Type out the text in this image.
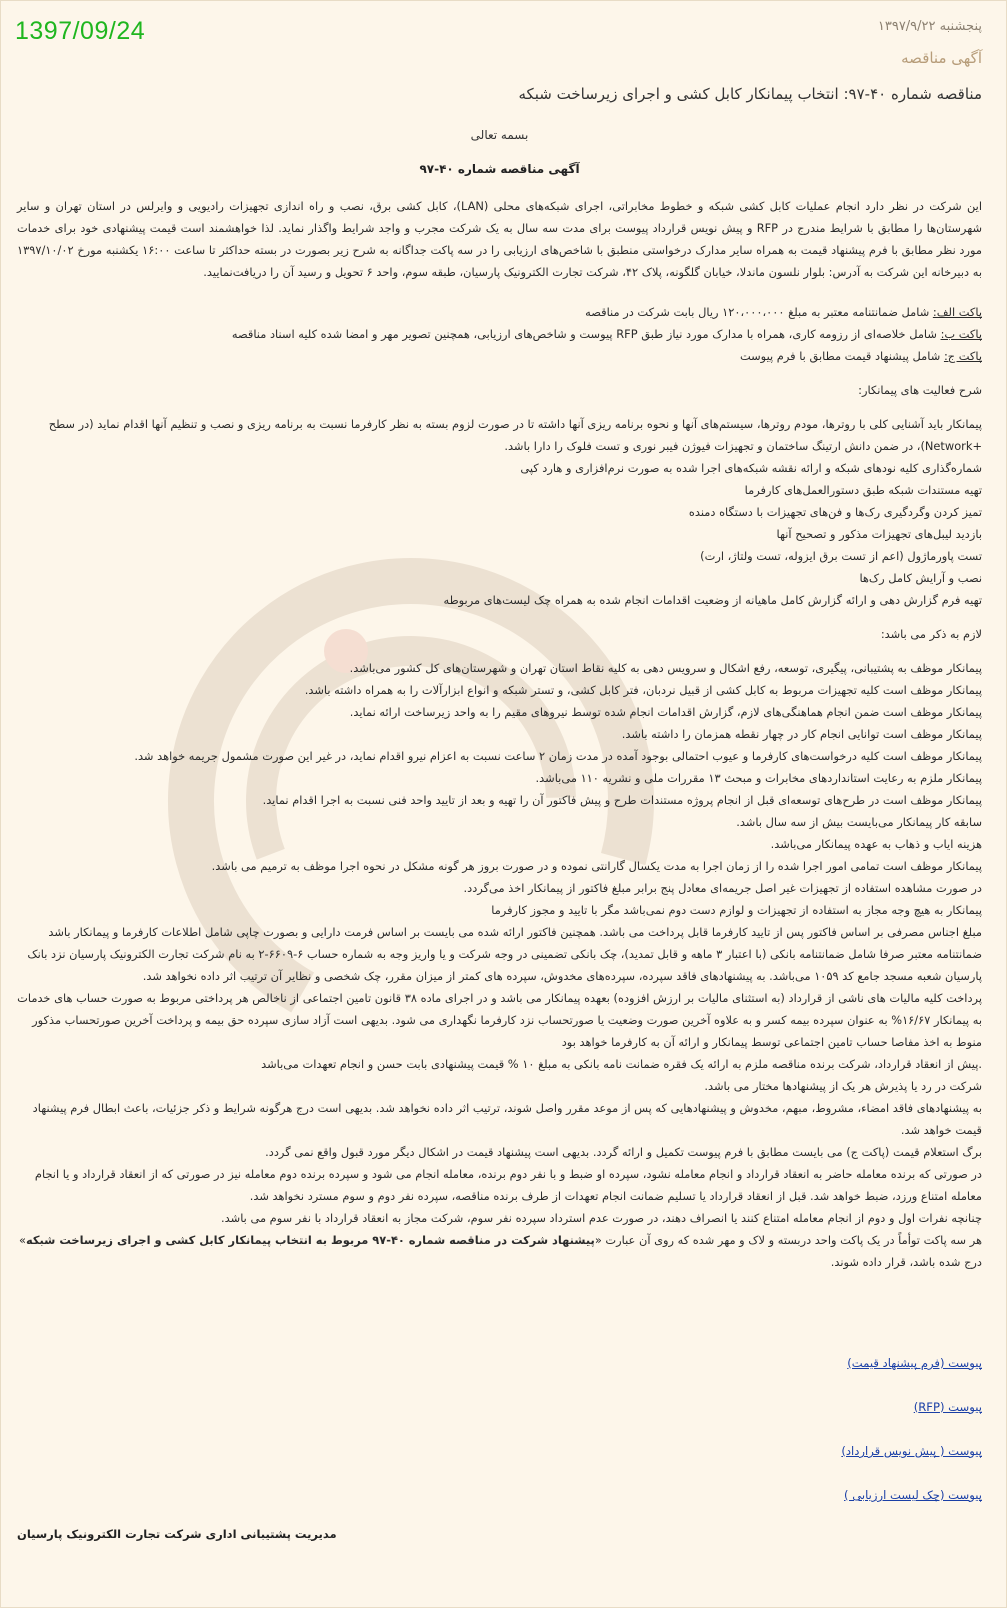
1397/09/24	پنجشنبه ۱۳۹۷/۹/۲۲
آگهی مناقصه
مناقصه شماره ۴۰-۹۷: انتخاب پیمانکار کابل کشی و اجرای زیرساخت شبکه
بسمه تعالی
آگهی مناقصه شماره ۴۰-۹۷

این شرکت در نظر دارد انجام عملیات کابل کشی شبکه و خطوط مخابراتی، اجرای شبکه‌های محلی (LAN)، کابل کشی برق، نصب و راه اندازی تجهیزات رادیویی و وایرلس در استان تهران و سایر شهرستان‌ها را مطابق با شرایط مندرج در RFP و پیش نویس قرارداد پیوست برای مدت سه سال به یک شرکت مجرب و واجد شرایط واگذار نماید. لذا خواهشمند است قیمت پیشنهادی خود برای خدمات مورد نظر مطابق با فرم پیشنهاد قیمت به همراه سایر مدارک درخواستی منطبق با شاخص‌های ارزیابی را در سه پاکت جداگانه به شرح زیر بصورت در بسته حداکثر تا ساعت ۱۶:۰۰ یکشنبه مورخ ۱۳۹۷/۱۰/۰۲ به دبیرخانه این شرکت به آدرس: بلوار نلسون ماندلا، خیابان گلگونه، پلاک ۴۲، شرکت تجارت الکترونیک پارسیان، طبقه سوم، واحد ۶ تحویل و رسید آن را دریافت‌نمایید.

پاکت الف: شامل ضمانتنامه معتبر به مبلغ ۱۲۰،۰۰۰،۰۰۰ ریال بابت شرکت در مناقصه

پاکت ب: شامل خلاصه‌ای از رزومه کاری، همراه با مدارک مورد نیاز طبق RFP پیوست و شاخص‌های ارزیابی، همچنین تصویر مهر و امضا شده کلیه اسناد مناقصه

پاکت ج: شامل پیشنهاد قیمت مطابق با فرم پیوست

شرح فعالیت های پیمانکار:

پیمانکار باید آشنایی کلی با روترها، مودم روترها، سیستم‌های آنها و نحوه برنامه ریزی آنها داشته تا در صورت لزوم بسته به نظر کارفرما نسبت به برنامه ریزی و نصب و تنظیم آنها اقدام نماید (در سطح +Network)، در ضمن دانش ارتینگ ساختمان و تجهیزات فیوژن فیبر نوری و تست فلوک را دارا باشد.

شماره‌گذاری کلیه نودهای شبکه و ارائه نقشه شبکه‌های اجرا شده به صورت نرم‌افزاری و هارد کپی

تهیه مستندات شبکه طبق دستورالعمل‌های کارفرما

تمیز کردن وگردگیری رک‌ها و فن‌های تجهیزات با دستگاه دمنده

بازدید لیبل‌های تجهیزات مذکور و تصحیح آنها

تست پاورماژول (اعم از تست برق ایزوله، تست ولتاژ، ارت)

نصب و آرایش کامل رک‌ها

تهیه فرم گزارش دهی و ارائه گزارش کامل ماهیانه از وضعیت اقدامات انجام شده به همراه چک لیست‌های مربوطه

لازم به ذکر می باشد:

پیمانکار موظف به پشتیبانی، پیگیری، توسعه، رفع اشکال و سرویس دهی به کلیه نقاط استان تهران و شهرستان‌های کل کشور می‌باشد.

پیمانکار موظف است کلیه تجهیزات مربوط به کابل کشی از قبیل نردبان، فتر کابل کشی، و تستر شبکه و انواع ابزارآلات را به همراه داشته باشد.

پیمانکار موظف است ضمن انجام هماهنگی‌های لازم، گزارش اقدامات انجام شده توسط نیروهای مقیم را به واحد زیرساخت ارائه نماید.

پیمانکار موظف است توانایی انجام کار در چهار نقطه همزمان را داشته باشد.

پیمانکار موظف است کلیه درخواست‌های کارفرما و عیوب احتمالی بوجود آمده در مدت زمان ۲ ساعت نسبت به اعزام نیرو اقدام نماید، در غیر این صورت مشمول جریمه خواهد شد.

پیمانکار ملزم به رعایت استانداردهای مخابرات و مبحث ۱۳ مقررات ملی و نشریه ۱۱۰ می‌باشد.

پیمانکار موظف است در طرح‌های توسعه‌ای قبل از انجام پروژه مستندات طرح و پیش فاکتور آن را تهیه و بعد از تایید واحد فنی نسبت به اجرا اقدام نماید.

سابقه کار پیمانکار می‌بایست بیش از سه سال باشد.

هزینه ایاب و ذهاب به عهده پیمانکار می‌باشد.

پیمانکار موظف است تمامی امور اجرا شده را از زمان اجرا به مدت یکسال گارانتی نموده و در صورت بروز هر گونه مشکل در نحوه اجرا موظف به ترمیم می باشد.

در صورت مشاهده استفاده از تجهیزات غیر اصل جریمه‌ای معادل پنج برابر مبلغ فاکتور از پیمانکار اخذ می‌گردد.

پیمانکار به هیچ وجه مجاز به استفاده از تجهیزات و لوازم دست دوم نمی‌باشد مگر با تایید و مجوز کارفرما

مبلغ اجناس مصرفی بر اساس فاکتور پس از تایید کارفرما قابل پرداخت می باشد. همچنین فاکتور ارائه شده می بایست بر اساس فرمت دارایی و بصورت چاپی شامل اطلاعات کارفرما و پیمانکار باشد

ضمانتنامه معتبر صرفا شامل ضمانتنامه بانکی (با اعتبار ۳ ماهه و قابل تمدید)، چک بانکی تضمینی در وجه شرکت و یا واریز وجه به شماره حساب ۶-۶۶۰۹-۲ به نام شرکت تجارت الکترونیک پارسیان نزد بانک پارسیان شعبه مسجد جامع کد ۱۰۵۹ می‌باشد. به پیشنهادهای فاقد سپرده، سپرده‌های مخدوش، سپرده های کمتر از میزان مقرر، چک شخصی و نظایر آن ترتیب اثر داده نخواهد شد.

پرداخت کلیه مالیات های ناشی از قرارداد (به استثنای مالیات بر ارزش افزوده) بعهده پیمانکار می باشد و در اجرای ماده ۳۸ قانون تامین اجتماعی از ناخالص هر پرداختی مربوط به صورت حساب های خدمات به پیمانکار ۱۶/۶۷% به عنوان سپرده بیمه کسر و به علاوه آخرین صورت وضعیت یا صورتحساب نزد کارفرما نگهداری می شود. بدیهی است آزاد سازی سپرده حق بیمه و پرداخت آخرین صورتحساب مذکور منوط به اخذ مفاصا حساب تامین اجتماعی توسط پیمانکار و ارائه آن به کارفرما خواهد بود

.پیش از انعقاد قرارداد، شرکت برنده مناقصه ملزم به ارائه یک فقره ضمانت نامه بانکی به مبلغ ۱۰ % قیمت پیشنهادی بابت حسن و انجام تعهدات می‌باشد

شرکت در رد یا پذیرش هر یک از پیشنهادها مختار می باشد.

به پیشنهادهای فاقد امضاء، مشروط، مبهم، مخدوش و پیشنهادهایی که پس از موعد مقرر واصل شوند، ترتیب اثر داده نخواهد شد. بدیهی است درج هرگونه شرایط و ذکر جزئیات، باعث ابطال فرم پیشنهاد قیمت خواهد شد.

برگ استعلام قیمت (پاکت ج) می بایست مطابق با فرم پیوست تکمیل و ارائه گردد. بدیهی است پیشنهاد قیمت در اشکال دیگر مورد قبول واقع نمی گردد.

در صورتی که برنده معامله حاضر به انعقاد قرارداد و انجام معامله نشود، سپرده او ضبط و با نفر دوم برنده، معامله انجام می شود و سپرده برنده دوم معامله نیز در صورتی که از انعقاد قرارداد و یا انجام معامله امتناع ورزد، ضبط خواهد شد. قبل از انعقاد قرارداد یا تسلیم ضمانت انجام تعهدات از طرف برنده مناقصه، سپرده نفر دوم و سوم مسترد نخواهد شد.

چنانچه نفرات اول و دوم از انجام معامله امتناع کنند یا انصراف دهند، در صورت عدم استرداد سپرده نفر سوم، شرکت مجاز به انعقاد قرارداد با نفر سوم می باشد.

هر سه پاکت توأماً در یک پاکت واحد دربسته و لاک و مهر شده که روی آن عبارت «پیشنهاد شرکت در مناقصه شماره ۴۰-۹۷ مربوط به انتخاب پیمانکار کابل کشی و اجرای زیرساخت شبکه» درج شده باشد، قرار داده شوند.

پیوست (فرم پیشنهاد قیمت)
پیوست (RFP)
پیوست ( پیش نویس قرارداد)
پیوست (چک لیست ارزیابی )
مدیریت پشتیبانی اداری شرکت تجارت الکترونیک پارسیان
